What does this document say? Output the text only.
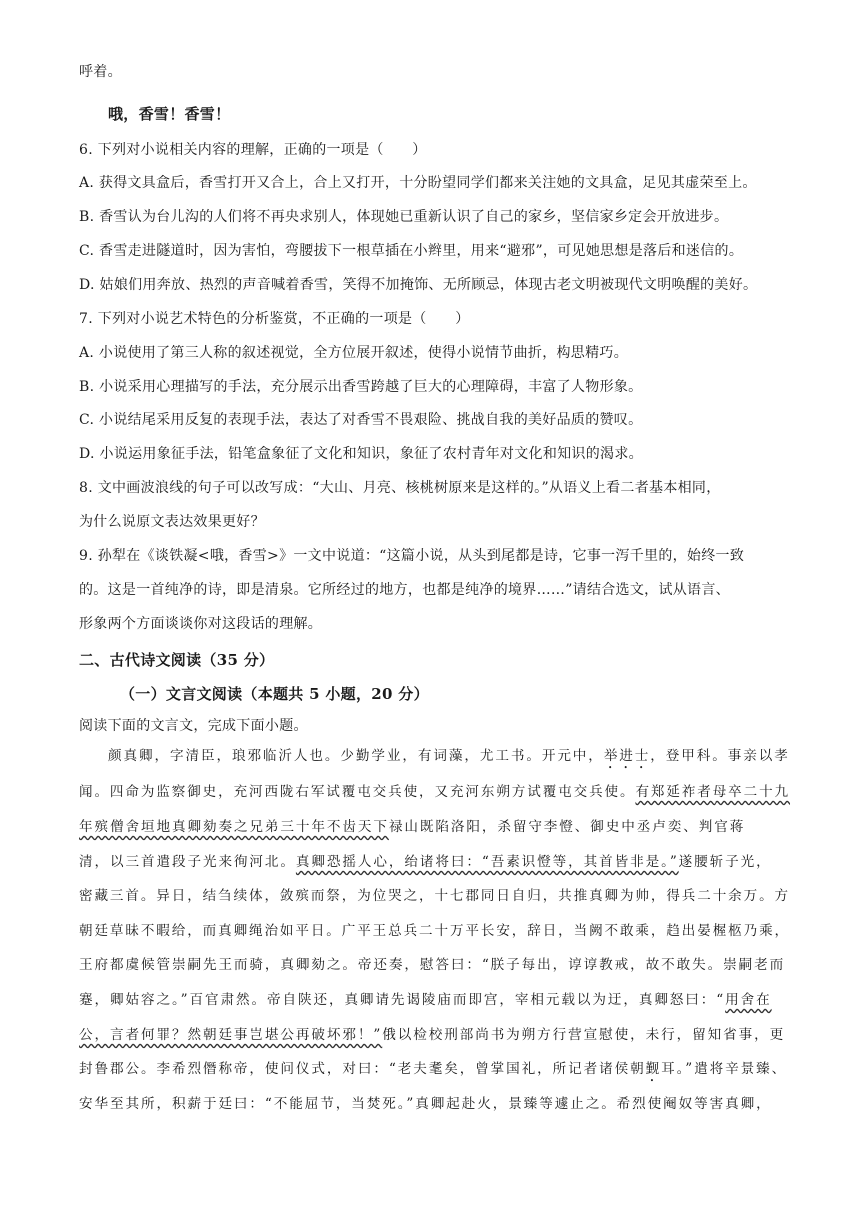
呼着。
哦，香雪！香雪！
6. 下列对小说相关内容的理解，正确的一项是（　　）
A. 获得文具盒后，香雪打开又合上，合上又打开，十分盼望同学们都来关注她的文具盒，足见其虚荣至上。
B. 香雪认为台儿沟的人们将不再央求别人，体现她已重新认识了自己的家乡，坚信家乡定会开放进步。
C. 香雪走进隧道时，因为害怕，弯腰拔下一根草插在小辫里，用来“避邪”，可见她思想是落后和迷信的。
D. 姑娘们用奔放、热烈的声音喊着香雪，笑得不加掩饰、无所顾忌，体现古老文明被现代文明唤醒的美好。
7. 下列对小说艺术特色的分析鉴赏，不正确的一项是（　　）
A. 小说使用了第三人称的叙述视觉，全方位展开叙述，使得小说情节曲折，构思精巧。
B. 小说采用心理描写的手法，充分展示出香雪跨越了巨大的心理障碍，丰富了人物形象。
C. 小说结尾采用反复的表现手法，表达了对香雪不畏艰险、挑战自我的美好品质的赞叹。
D. 小说运用象征手法，铅笔盒象征了文化和知识，象征了农村青年对文化和知识的渴求。
8. 文中画波浪线的句子可以改写成：“大山、月亮、核桃树原来是这样的。”从语义上看二者基本相同，
为什么说原文表达效果更好？
9. 孙犁在《谈铁凝<哦，香雪>》一文中说道：“这篇小说，从头到尾都是诗，它事一泻千里的，始终一致
的。这是一首纯净的诗，即是清泉。它所经过的地方，也都是纯净的境界……”请结合选文，试从语言、
形象两个方面谈谈你对这段话的理解。
二、古代诗文阅读（35 分）
（一）文言文阅读（本题共 5 小题，20 分）
阅读下面的文言文，完成下面小题。
颜真卿，字清臣，琅邪临沂人也。少勤学业，有词藻，尤工书。开元中，举进士，登甲科。事亲以孝
闻。四命为监察御史，充河西陇右军试覆屯交兵使，又充河东朔方试覆屯交兵使。有郑延祚者母卒二十九
年殡僧舍垣地真卿劾奏之兄弟三十年不齿天下禄山既陷洛阳，杀留守李憕、御史中丞卢奕、判官蒋
清，以三首遣段子光来徇河北。真卿恐摇人心，绐诸将曰：“吾素识憕等，其首皆非是。”遂腰斩子光，
密藏三首。异日，结刍续体，敛殡而祭，为位哭之，十七郡同日自归，共推真卿为帅，得兵二十余万。方
朝廷草昧不暇给，而真卿绳治如平日。广平王总兵二十万平长安，辞日，当阙不敢乘，趋出晏楃柩乃乘，
王府都虞候管崇嗣先王而骑，真卿劾之。帝还奏，慰答曰：“朕子每出，谆谆教戒，故不敢失。崇嗣老而
蹇，卿姑容之。”百官肃然。帝自陕还，真卿请先谒陵庙而即宫，宰相元载以为迂，真卿怒曰：“用舍在
公，言者何罪？然朝廷事岂堪公再破坏邪！”俄以检校刑部尚书为朔方行营宣慰使，未行，留知省事，更
封鲁郡公。李希烈僭称帝，使问仪式，对曰：“老夫耄矣，曾掌国礼，所记者诸侯朝觐耳。”遣将辛景臻、
安华至其所，积薪于廷曰：“不能屈节，当焚死。”真卿起赴火，景臻等遽止之。希烈使阉奴等害真卿，
